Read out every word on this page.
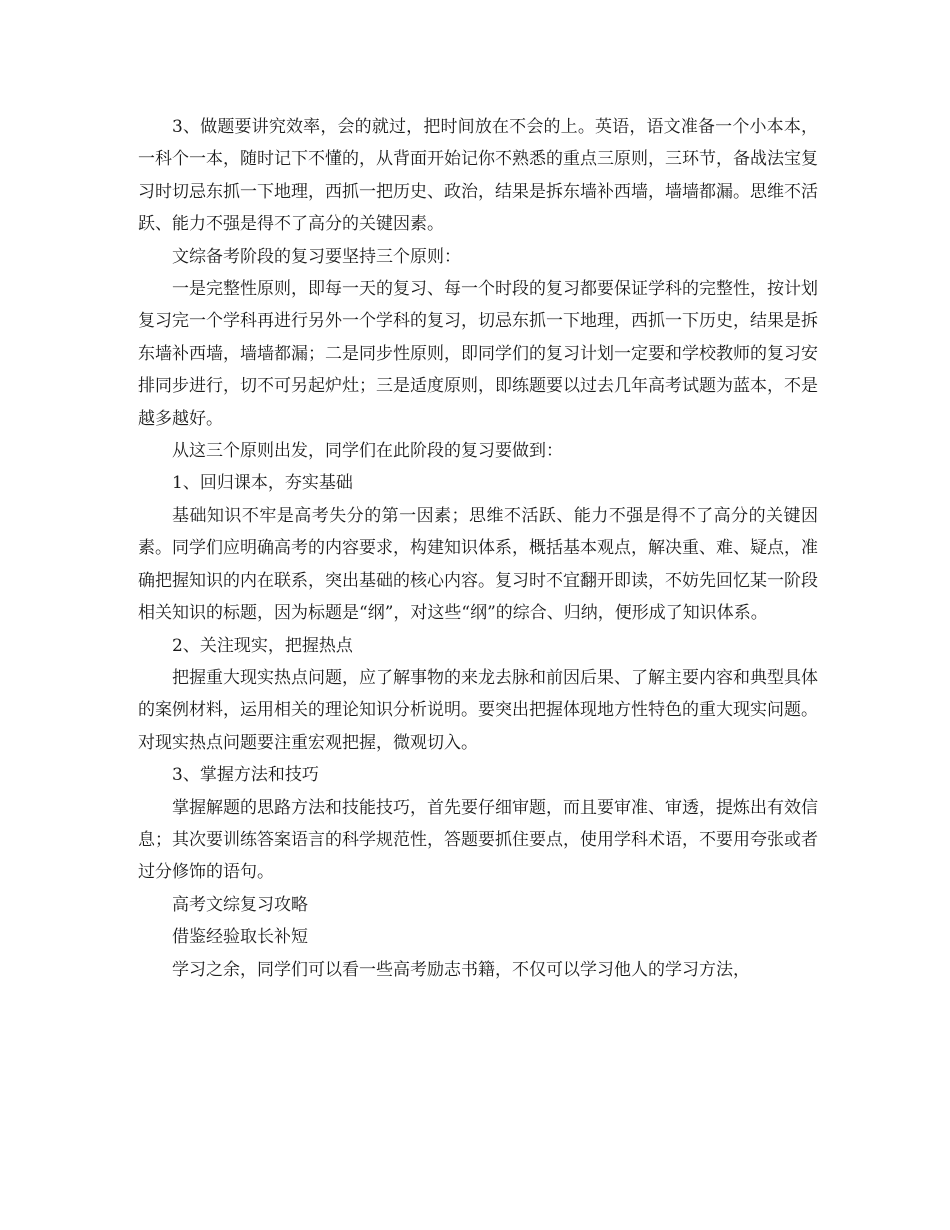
3、做题要讲究效率，会的就过，把时间放在不会的上。英语，语文准备一个小本本，一科个一本，随时记下不懂的，从背面开始记你不熟悉的重点三原则，三环节，备战法宝复习时切忌东抓一下地理，西抓一把历史、政治，结果是拆东墙补西墙，墙墙都漏。思维不活跃、能力不强是得不了高分的关键因素。

文综备考阶段的复习要坚持三个原则：

一是完整性原则，即每一天的复习、每一个时段的复习都要保证学科的完整性，按计划复习完一个学科再进行另外一个学科的复习，切忌东抓一下地理，西抓一下历史，结果是拆东墙补西墙，墙墙都漏；二是同步性原则，即同学们的复习计划一定要和学校教师的复习安排同步进行，切不可另起炉灶；三是适度原则，即练题要以过去几年高考试题为蓝本，不是越多越好。

从这三个原则出发，同学们在此阶段的复习要做到：

1、回归课本，夯实基础

基础知识不牢是高考失分的第一因素；思维不活跃、能力不强是得不了高分的关键因素。同学们应明确高考的内容要求，构建知识体系，概括基本观点，解决重、难、疑点，准确把握知识的内在联系，突出基础的核心内容。复习时不宜翻开即读，不妨先回忆某一阶段相关知识的标题，因为标题是“纲”，对这些“纲”的综合、归纳，便形成了知识体系。

2、关注现实，把握热点

把握重大现实热点问题，应了解事物的来龙去脉和前因后果、了解主要内容和典型具体的案例材料，运用相关的理论知识分析说明。要突出把握体现地方性特色的重大现实问题。对现实热点问题要注重宏观把握，微观切入。

3、掌握方法和技巧

掌握解题的思路方法和技能技巧，首先要仔细审题，而且要审准、审透，提炼出有效信息；其次要训练答案语言的科学规范性，答题要抓住要点，使用学科术语，不要用夸张或者过分修饰的语句。

高考文综复习攻略

借鉴经验取长补短

学习之余，同学们可以看一些高考励志书籍，不仅可以学习他人的学习方法，
